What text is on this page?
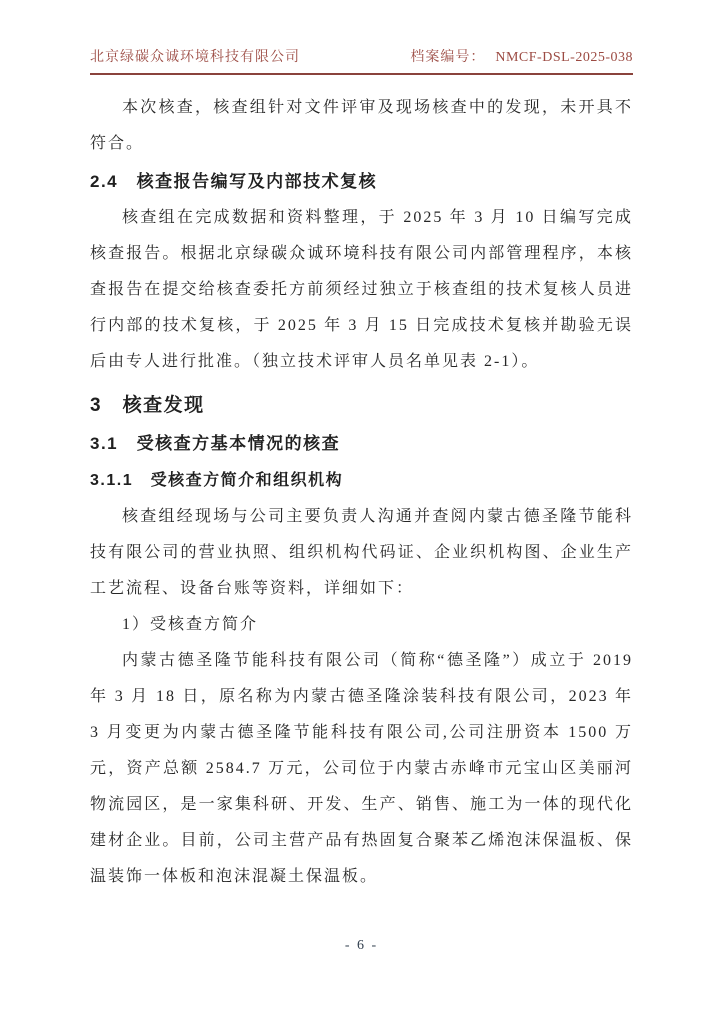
北京绿碳众诚环境科技有限公司	档案编号： NMCF-DSL-2025-038

本次核查，核查组针对文件评审及现场核查中的发现，未开具不符合。

2.4　核查报告编写及内部技术复核

核查组在完成数据和资料整理，于 2025 年 3 月 10 日编写完成核查报告。根据北京绿碳众诚环境科技有限公司内部管理程序，本核查报告在提交给核查委托方前须经过独立于核查组的技术复核人员进行内部的技术复核，于 2025 年 3 月 15 日完成技术复核并勘验无误后由专人进行批准。（独立技术评审人员名单见表 2-1）。

3　核查发现
3.1　受核查方基本情况的核查
3.1.1　受核查方简介和组织机构

核查组经现场与公司主要负责人沟通并查阅内蒙古德圣隆节能科技有限公司的营业执照、组织机构代码证、企业织机构图、企业生产工艺流程、设备台账等资料，详细如下：

1）受核查方简介

内蒙古德圣隆节能科技有限公司（简称“德圣隆”）成立于 2019 年 3 月 18 日，原名称为内蒙古德圣隆涂装科技有限公司，2023 年 3 月变更为内蒙古德圣隆节能科技有限公司,公司注册资本 1500 万元，资产总额 2584.7 万元，公司位于内蒙古赤峰市元宝山区美丽河物流园区，是一家集科研、开发、生产、销售、施工为一体的现代化建材企业。目前，公司主营产品有热固复合聚苯乙烯泡沫保温板、保温装饰一体板和泡沫混凝土保温板。

- 6 -
